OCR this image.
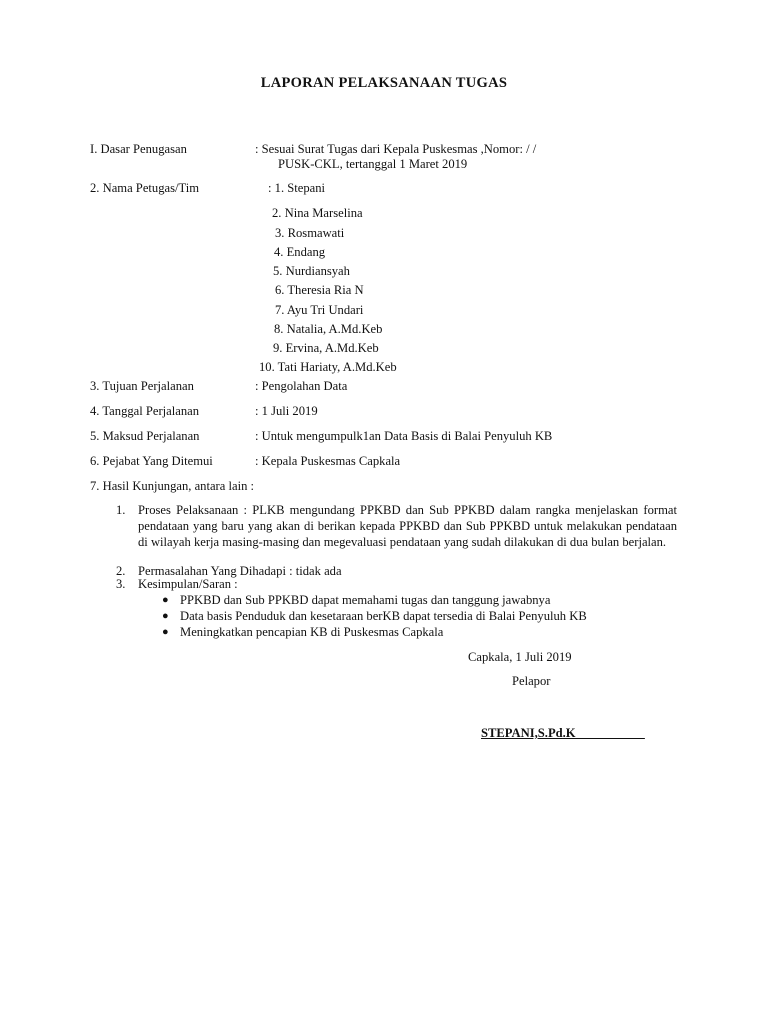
LAPORAN PELAKSANAAN TUGAS
I. Dasar Penugasan	: Sesuai Surat Tugas dari Kepala Puskesmas ,Nomor: / /
PUSK-CKL, tertanggal 1 Maret 2019
2. Nama Petugas/Tim	: 1. Stepani
2. Nina Marselina
3. Rosmawati
4. Endang
5. Nurdiansyah
6. Theresia Ria N
7. Ayu Tri Undari
8. Natalia, A.Md.Keb
9. Ervina, A.Md.Keb
10. Tati Hariaty, A.Md.Keb
3. Tujuan Perjalanan	: Pengolahan Data
4. Tanggal Perjalanan	: 1 Juli 2019
5. Maksud Perjalanan	: Untuk mengumpulk1an Data Basis di Balai Penyuluh KB
6. Pejabat Yang Ditemui	: Kepala Puskesmas Capkala
7. Hasil Kunjungan, antara lain :
1. Proses Pelaksanaan : PLKB mengundang PPKBD dan Sub PPKBD dalam rangka menjelaskan format pendataan yang baru yang akan di berikan kepada PPKBD dan Sub PPKBD untuk melakukan pendataan di wilayah kerja masing-masing dan megevaluasi pendataan yang sudah dilakukan di dua bulan berjalan.
2. Permasalahan Yang Dihadapi : tidak ada
3. Kesimpulan/Saran :
● PPKBD dan Sub PPKBD dapat memahami tugas dan tanggung jawabnya
● Data basis Penduduk dan kesetaraan berKB dapat tersedia di Balai Penyuluh KB
● Meningkatkan pencapian KB di Puskesmas Capkala
Capkala, 1 Juli 2019
Pelapor
STEPANI,S.Pd.K
